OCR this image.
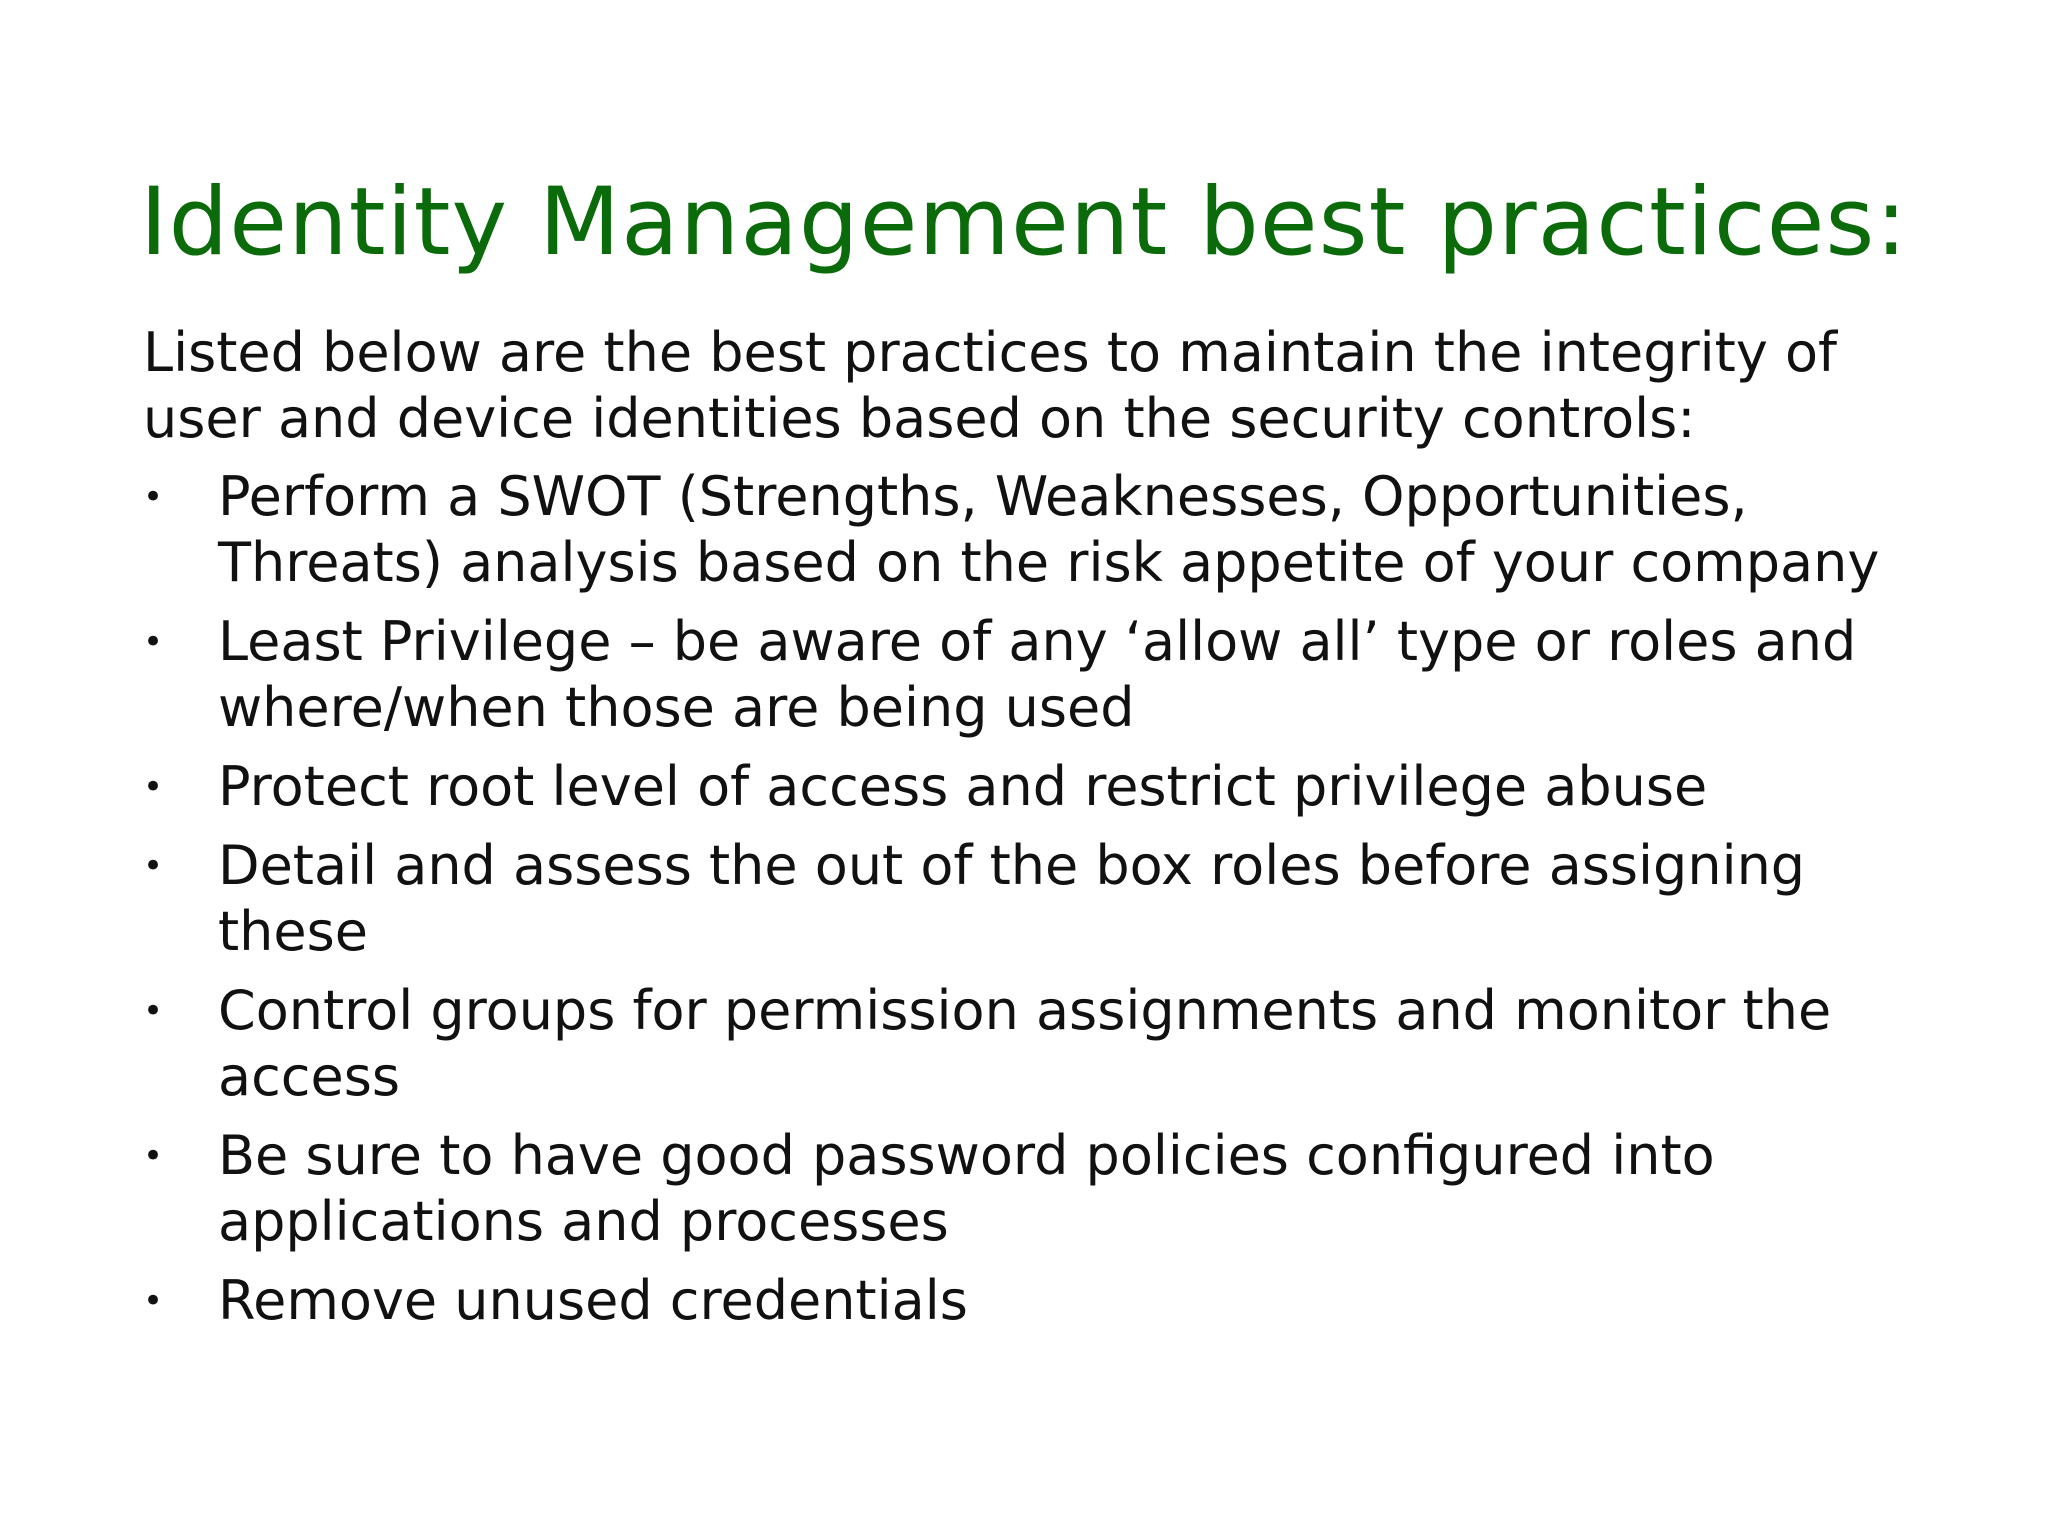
Identity Management best practices:

Listed below are the best practices to maintain the integrity of user and device identities based on the security controls:

•	Perform a SWOT (Strengths, Weaknesses, Opportunities, Threats) analysis based on the risk appetite of your company
•	Least Privilege – be aware of any ‘allow all’ type or roles and where/when those are being used
•	Protect root level of access and restrict privilege abuse
•	Detail and assess the out of the box roles before assigning these
•	Control groups for permission assignments and monitor the access
•	Be sure to have good password policies configured into applications and processes
•	Remove unused credentials
